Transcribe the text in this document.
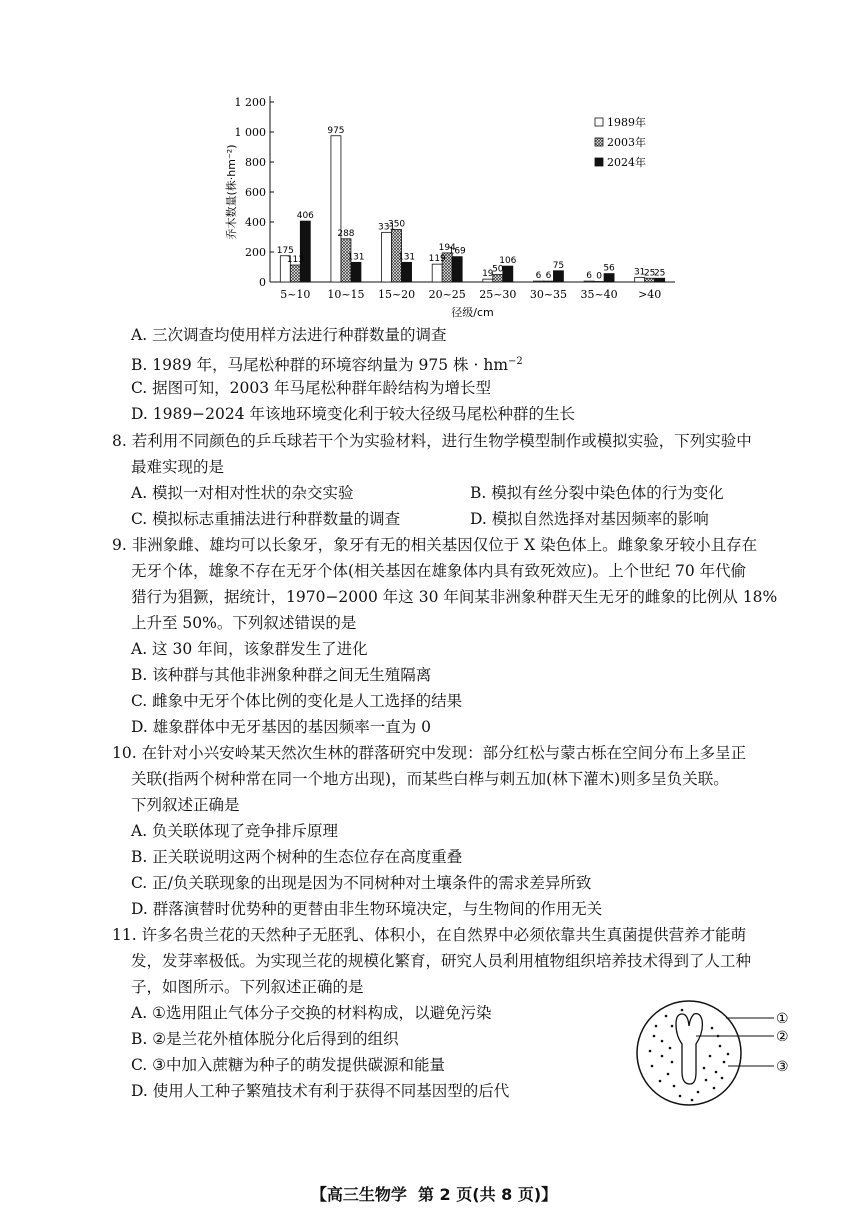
0
200
400
600
800
1 000
1 200
乔木数量(株·hm⁻²)
径级/cm
5~10
175
113
406
10~15
975
288
131
15~20
331
350
131
20~25
119
194
169
25~30
19
50
106
30~35
6 6
75
35~40
6 0
56
>40
31
25
25
1989年
2003年
2024年
A. 三次调查均使用样方法进行种群数量的调查
B. 1989 年，马尾松种群的环境容纳量为 975 株 · $hm^{-2}$
C. 据图可知，2003 年马尾松种群年龄结构为增长型
D. 1989−2024 年该地环境变化利于较大径级马尾松种群的生长
8. 若利用不同颜色的乒乓球若干个为实验材料，进行生物学模型制作或模拟实验，下列实验中
最难实现的是
A. 模拟一对相对性状的杂交实验	B. 模拟有丝分裂中染色体的行为变化
C. 模拟标志重捕法进行种群数量的调查	D. 模拟自然选择对基因频率的影响
9. 非洲象雌、雄均可以长象牙，象牙有无的相关基因仅位于 X 染色体上。雌象象牙较小且存在
无牙个体，雄象不存在无牙个体(相关基因在雄象体内具有致死效应)。上个世纪 70 年代偷
猎行为猖獗，据统计，1970−2000 年这 30 年间某非洲象种群天生无牙的雌象的比例从 18%
上升至 50%。下列叙述错误的是
A. 这 30 年间，该象群发生了进化
B. 该种群与其他非洲象种群之间无生殖隔离
C. 雌象中无牙个体比例的变化是人工选择的结果
D. 雄象群体中无牙基因的基因频率一直为 0
10. 在针对小兴安岭某天然次生林的群落研究中发现：部分红松与蒙古栎在空间分布上多呈正
关联(指两个树种常在同一个地方出现)，而某些白桦与刺五加(林下灌木)则多呈负关联。
下列叙述正确是
A. 负关联体现了竞争排斥原理
B. 正关联说明这两个树种的生态位存在高度重叠
C. 正/负关联现象的出现是因为不同树种对土壤条件的需求差异所致
D. 群落演替时优势种的更替由非生物环境决定，与生物间的作用无关
11. 许多名贵兰花的天然种子无胚乳、体积小，在自然界中必须依靠共生真菌提供营养才能萌
发，发芽率极低。为实现兰花的规模化繁育，研究人员利用植物组织培养技术得到了人工种
子，如图所示。下列叙述正确的是
A. ①选用阻止气体分子交换的材料构成，以避免污染
B. ②是兰花外植体脱分化后得到的组织
C. ③中加入蔗糖为种子的萌发提供碳源和能量
D. 使用人工种子繁殖技术有利于获得不同基因型的后代
①
②
③
【高三生物学 第 2 页(共 8 页)】
